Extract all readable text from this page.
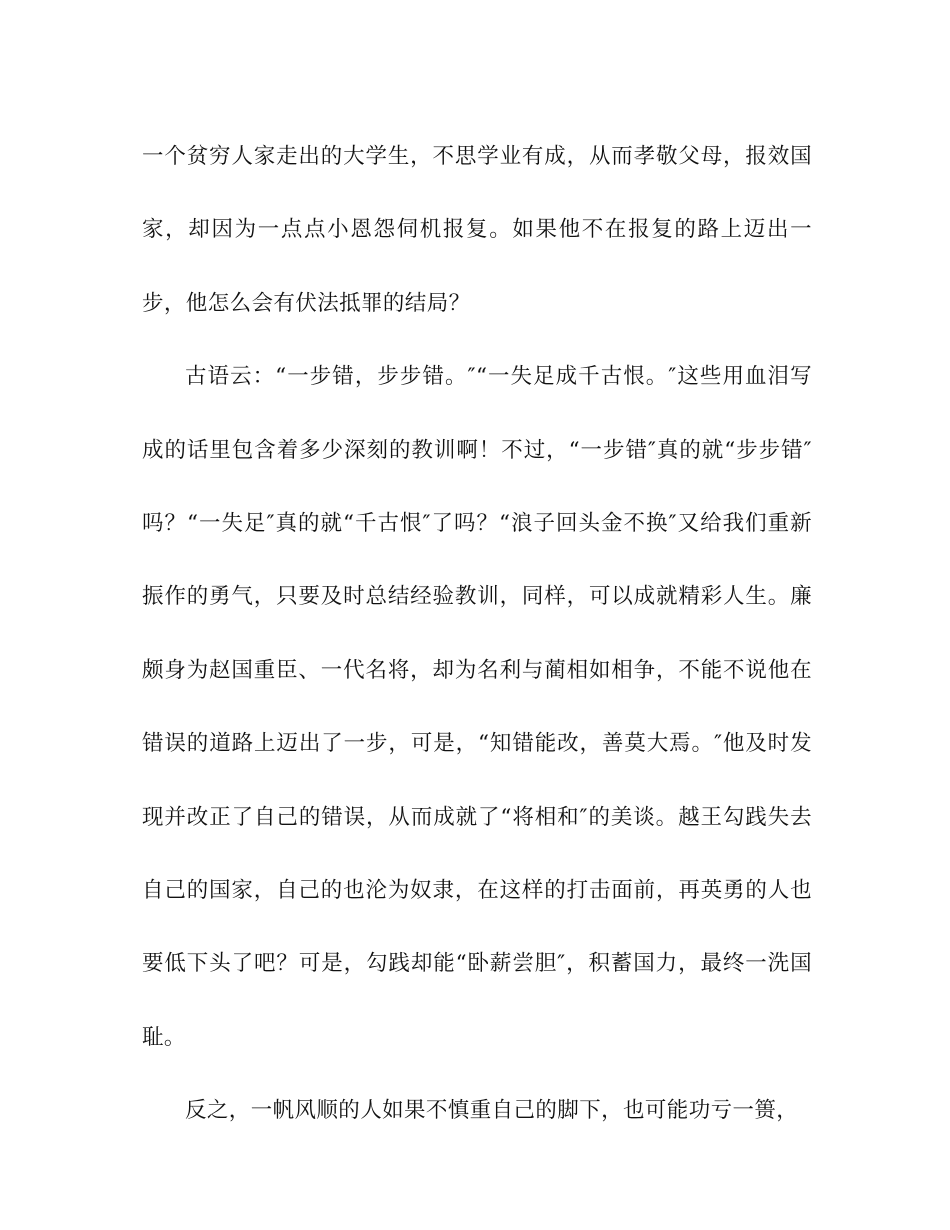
一个贫穷人家走出的大学生，不思学业有成，从而孝敬父母，报效国家，却因为一点点小恩怨伺机报复。如果他不在报复的路上迈出一步，他怎么会有伏法抵罪的结局？

古语云：“一步错，步步错。″“一失足成千古恨。″这些用血泪写成的话里包含着多少深刻的教训啊！不过，“一步错″真的就“步步错″吗？“一失足″真的就“千古恨″了吗？“浪子回头金不换″又给我们重新振作的勇气，只要及时总结经验教训，同样，可以成就精彩人生。廉颇身为赵国重臣、一代名将，却为名利与蔺相如相争，不能不说他在错误的道路上迈出了一步，可是，“知错能改，善莫大焉。″他及时发现并改正了自己的错误，从而成就了“将相和″的美谈。越王勾践失去自己的国家，自己的也沦为奴隶，在这样的打击面前，再英勇的人也要低下头了吧？可是，勾践却能“卧薪尝胆″，积蓄国力，最终一洗国耻。

反之，一帆风顺的人如果不慎重自己的脚下，也可能功亏一篑，
